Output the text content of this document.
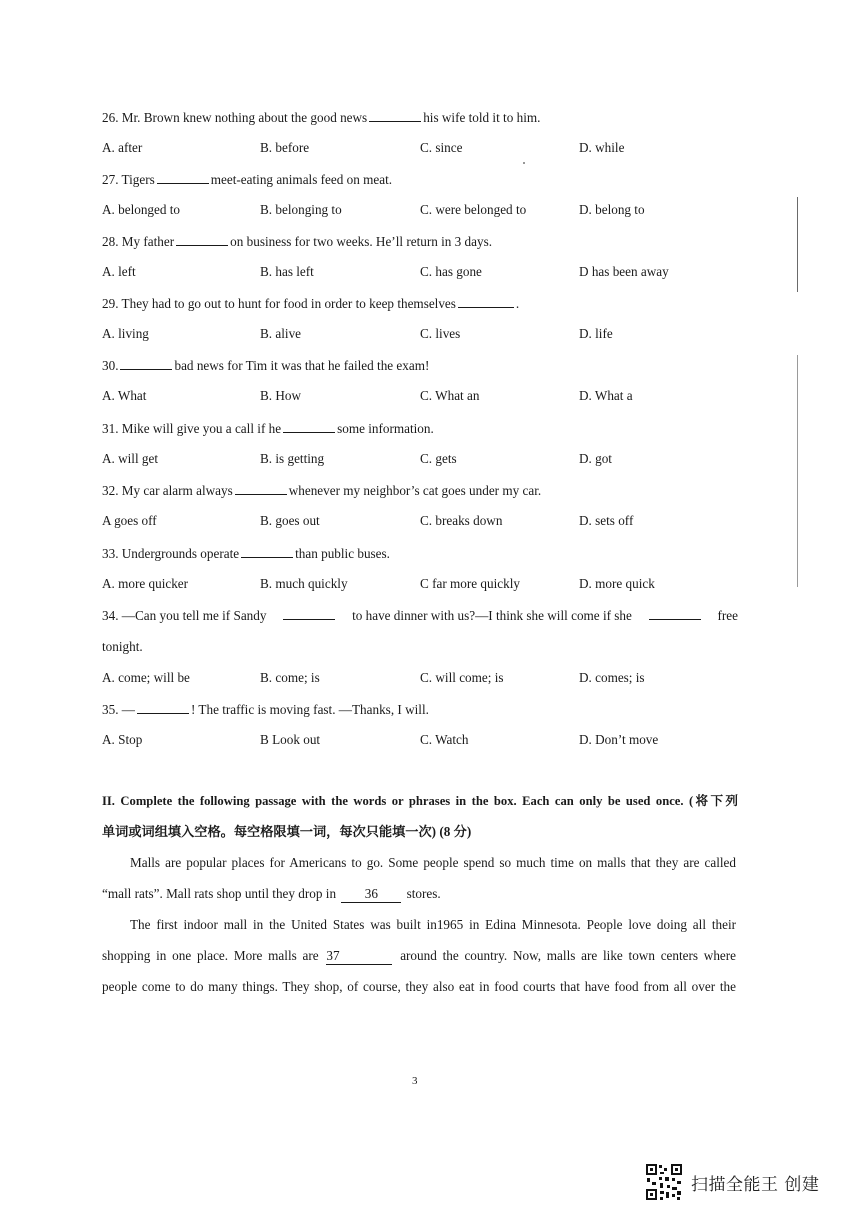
26. Mr. Brown knew nothing about the good news	his wife told it to him.
A. after	B. before	C. since	D. while
27. Tigers	meet-eating animals feed on meat.
A. belonged to	B. belonging to	C. were belonged to	D. belong to
28. My father	on business for two weeks. He’ll return in 3 days.
A. left	B. has left	C. has gone	D has been away
29. They had to go out to hunt for food in order to keep themselves	.
A. living	B. alive	C. lives	D. life
30.	bad news for Tim it was that he failed the exam!
A. What	B. How	C. What an	D. What a
31. Mike will give you a call if he	some information.
A. will get	B. is getting	C. gets	D. got
32. My car alarm always	whenever my neighbor’s cat goes under my car.
A goes off	B. goes out	C. breaks down	D. sets off
33. Undergrounds operate	than public buses.
A. more quicker	B. much quickly	C far more quickly	D. more quick
34. —Can you tell me if Sandy	to have dinner with us?—I think she will come if she	free
tonight.
A. come; will be	B. come; is	C. will come; is	D. comes; is
35. —	! The traffic is moving fast. —Thanks, I will.
A. Stop	B Look out	C. Watch	D. Don’t move
II. Complete the following passage with the words or phrases in the box. Each can only be used once. (将下列
单词或词组填入空格。每空格限填一词，每次只能填一次) (8 分)
Malls are popular places for Americans to go. Some people spend so much time on malls that they are called
“mall rats”. Mall rats shop until they drop in 36 stores.
The first indoor mall in the United States was built in1965 in Edina Minnesota. People love doing all their
shopping in one place. More malls are 37	around the country. Now, malls are like town centers where
people come to do many things. They shop, of course, they also eat in food courts that have food from all over the
3
扫描全能王 创建
